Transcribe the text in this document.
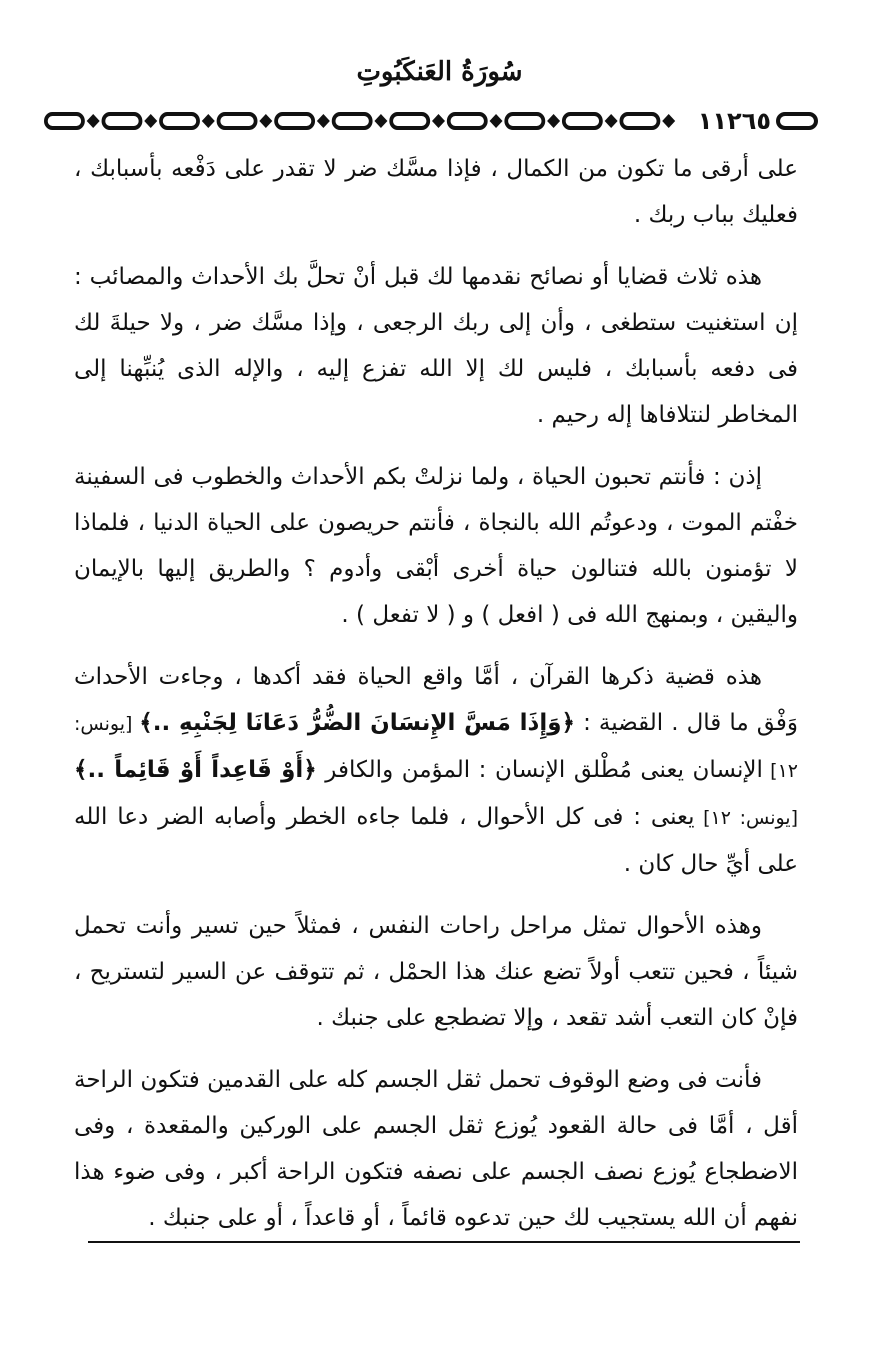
سُورَةُ العَنكَبُوتِ
١١٢٦٥

على أرقى ما تكون من الكمال ، فإذا مسَّك ضر لا تقدر على دَفْعه بأسبابك ، فعليك بباب ربك .

هذه ثلاث قضايا أو نصائح نقدمها لك قبل أنْ تحلَّ بك الأحداث والمصائب : إن استغنيت ستطغى ، وأن إلى ربك الرجعى ، وإذا مسَّك ضر ، ولا حيلةَ لك فى دفعه بأسبابك ، فليس لك إلا الله تفزع إليه ، والإله الذى يُنبِّهنا إلى المخاطر لنتلافاها إله رحيم .

إذن : فأنتم تحبون الحياة ، ولما نزلتْ بكم الأحداث والخطوب فى السفينة خفْتم الموت ، ودعوتُم الله بالنجاة ، فأنتم حريصون على الحياة الدنيا ، فلماذا لا تؤمنون بالله فتنالون حياة أخرى أبْقى وأدوم ؟ والطريق إليها بالإيمان واليقين ، وبمنهج الله فى ( افعل ) و ( لا تفعل ) .

هذه قضية ذكرها القرآن ، أمَّا واقع الحياة فقد أكدها ، وجاءت الأحداث وَفْق ما قال . القضية : ﴿وَإِذَا مَسَّ الإِنسَانَ الضُّرُّ دَعَانَا لِجَنْبِهِ ..﴾ [يونس: ١٢] الإنسان يعنى مُطْلق الإنسان : المؤمن والكافر ﴿أَوْ قَاعِداً أَوْ قَائِماً ..﴾ [يونس: ١٢] يعنى : فى كل الأحوال ، فلما جاءه الخطر وأصابه الضر دعا الله على أيِّ حال كان .

وهذه الأحوال تمثل مراحل راحات النفس ، فمثلاً حين تسير وأنت تحمل شيئاً ، فحين تتعب أولاً تضع عنك هذا الحمْل ، ثم تتوقف عن السير لتستريح ، فإنْ كان التعب أشد تقعد ، وإلا تضطجع على جنبك .

فأنت فى وضع الوقوف تحمل ثقل الجسم كله على القدمين فتكون الراحة أقل ، أمَّا فى حالة القعود يُوزع ثقل الجسم على الوركين والمقعدة ، وفى الاضطجاع يُوزع نصف الجسم على نصفه فتكون الراحة أكبر ، وفى ضوء هذا نفهم أن الله يستجيب لك حين تدعوه قائماً ، أو قاعداً ، أو على جنبك .
